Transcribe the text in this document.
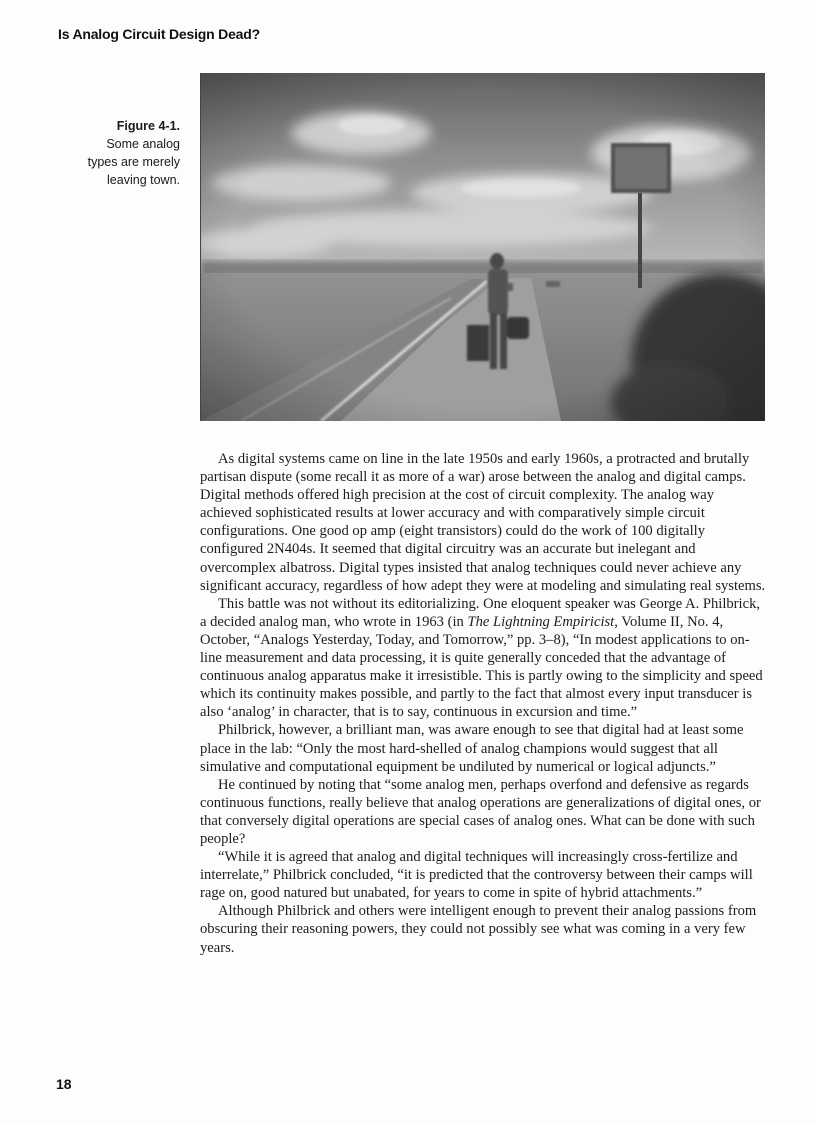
Is Analog Circuit Design Dead?
Figure 4-1.
Some analog
types are merely
leaving town.

As digital systems came on line in the late 1950s and early 1960s, a protracted and brutally partisan dispute (some recall it as more of a war) arose between the analog and digital camps. Digital methods offered high precision at the cost of circuit complexity. The analog way achieved sophisticated results at lower accuracy and with comparatively simple circuit configurations. One good op amp (eight transistors) could do the work of 100 digitally configured 2N404s. It seemed that digital circuitry was an accurate but inelegant and overcomplex albatross. Digital types insisted that analog techniques could never achieve any significant accuracy, regardless of how adept they were at modeling and simulating real systems.

This battle was not without its editorializing. One eloquent speaker was George A. Philbrick, a decided analog man, who wrote in 1963 (in The Lightning Empiricist, Volume II, No. 4, October, “Analogs Yesterday, Today, and Tomorrow,” pp. 3–8), “In modest applications to on-line measurement and data processing, it is quite generally conceded that the advantage of continuous analog apparatus make it irresistible. This is partly owing to the simplicity and speed which its continuity makes possible, and partly to the fact that almost every input transducer is also ‘analog’ in character, that is to say, continuous in excursion and time.”

Philbrick, however, a brilliant man, was aware enough to see that digital had at least some place in the lab: “Only the most hard-shelled of analog champions would suggest that all simulative and computational equipment be undiluted by numerical or logical adjuncts.”

He continued by noting that “some analog men, perhaps overfond and defensive as regards continuous functions, really believe that analog operations are generalizations of digital ones, or that conversely digital operations are special cases of analog ones. What can be done with such people?

“While it is agreed that analog and digital techniques will increasingly cross-fertilize and interrelate,” Philbrick concluded, “it is predicted that the controversy between their camps will rage on, good natured but unabated, for years to come in spite of hybrid attachments.”

Although Philbrick and others were intelligent enough to prevent their analog passions from obscuring their reasoning powers, they could not possibly see what was coming in a very few years.

18
